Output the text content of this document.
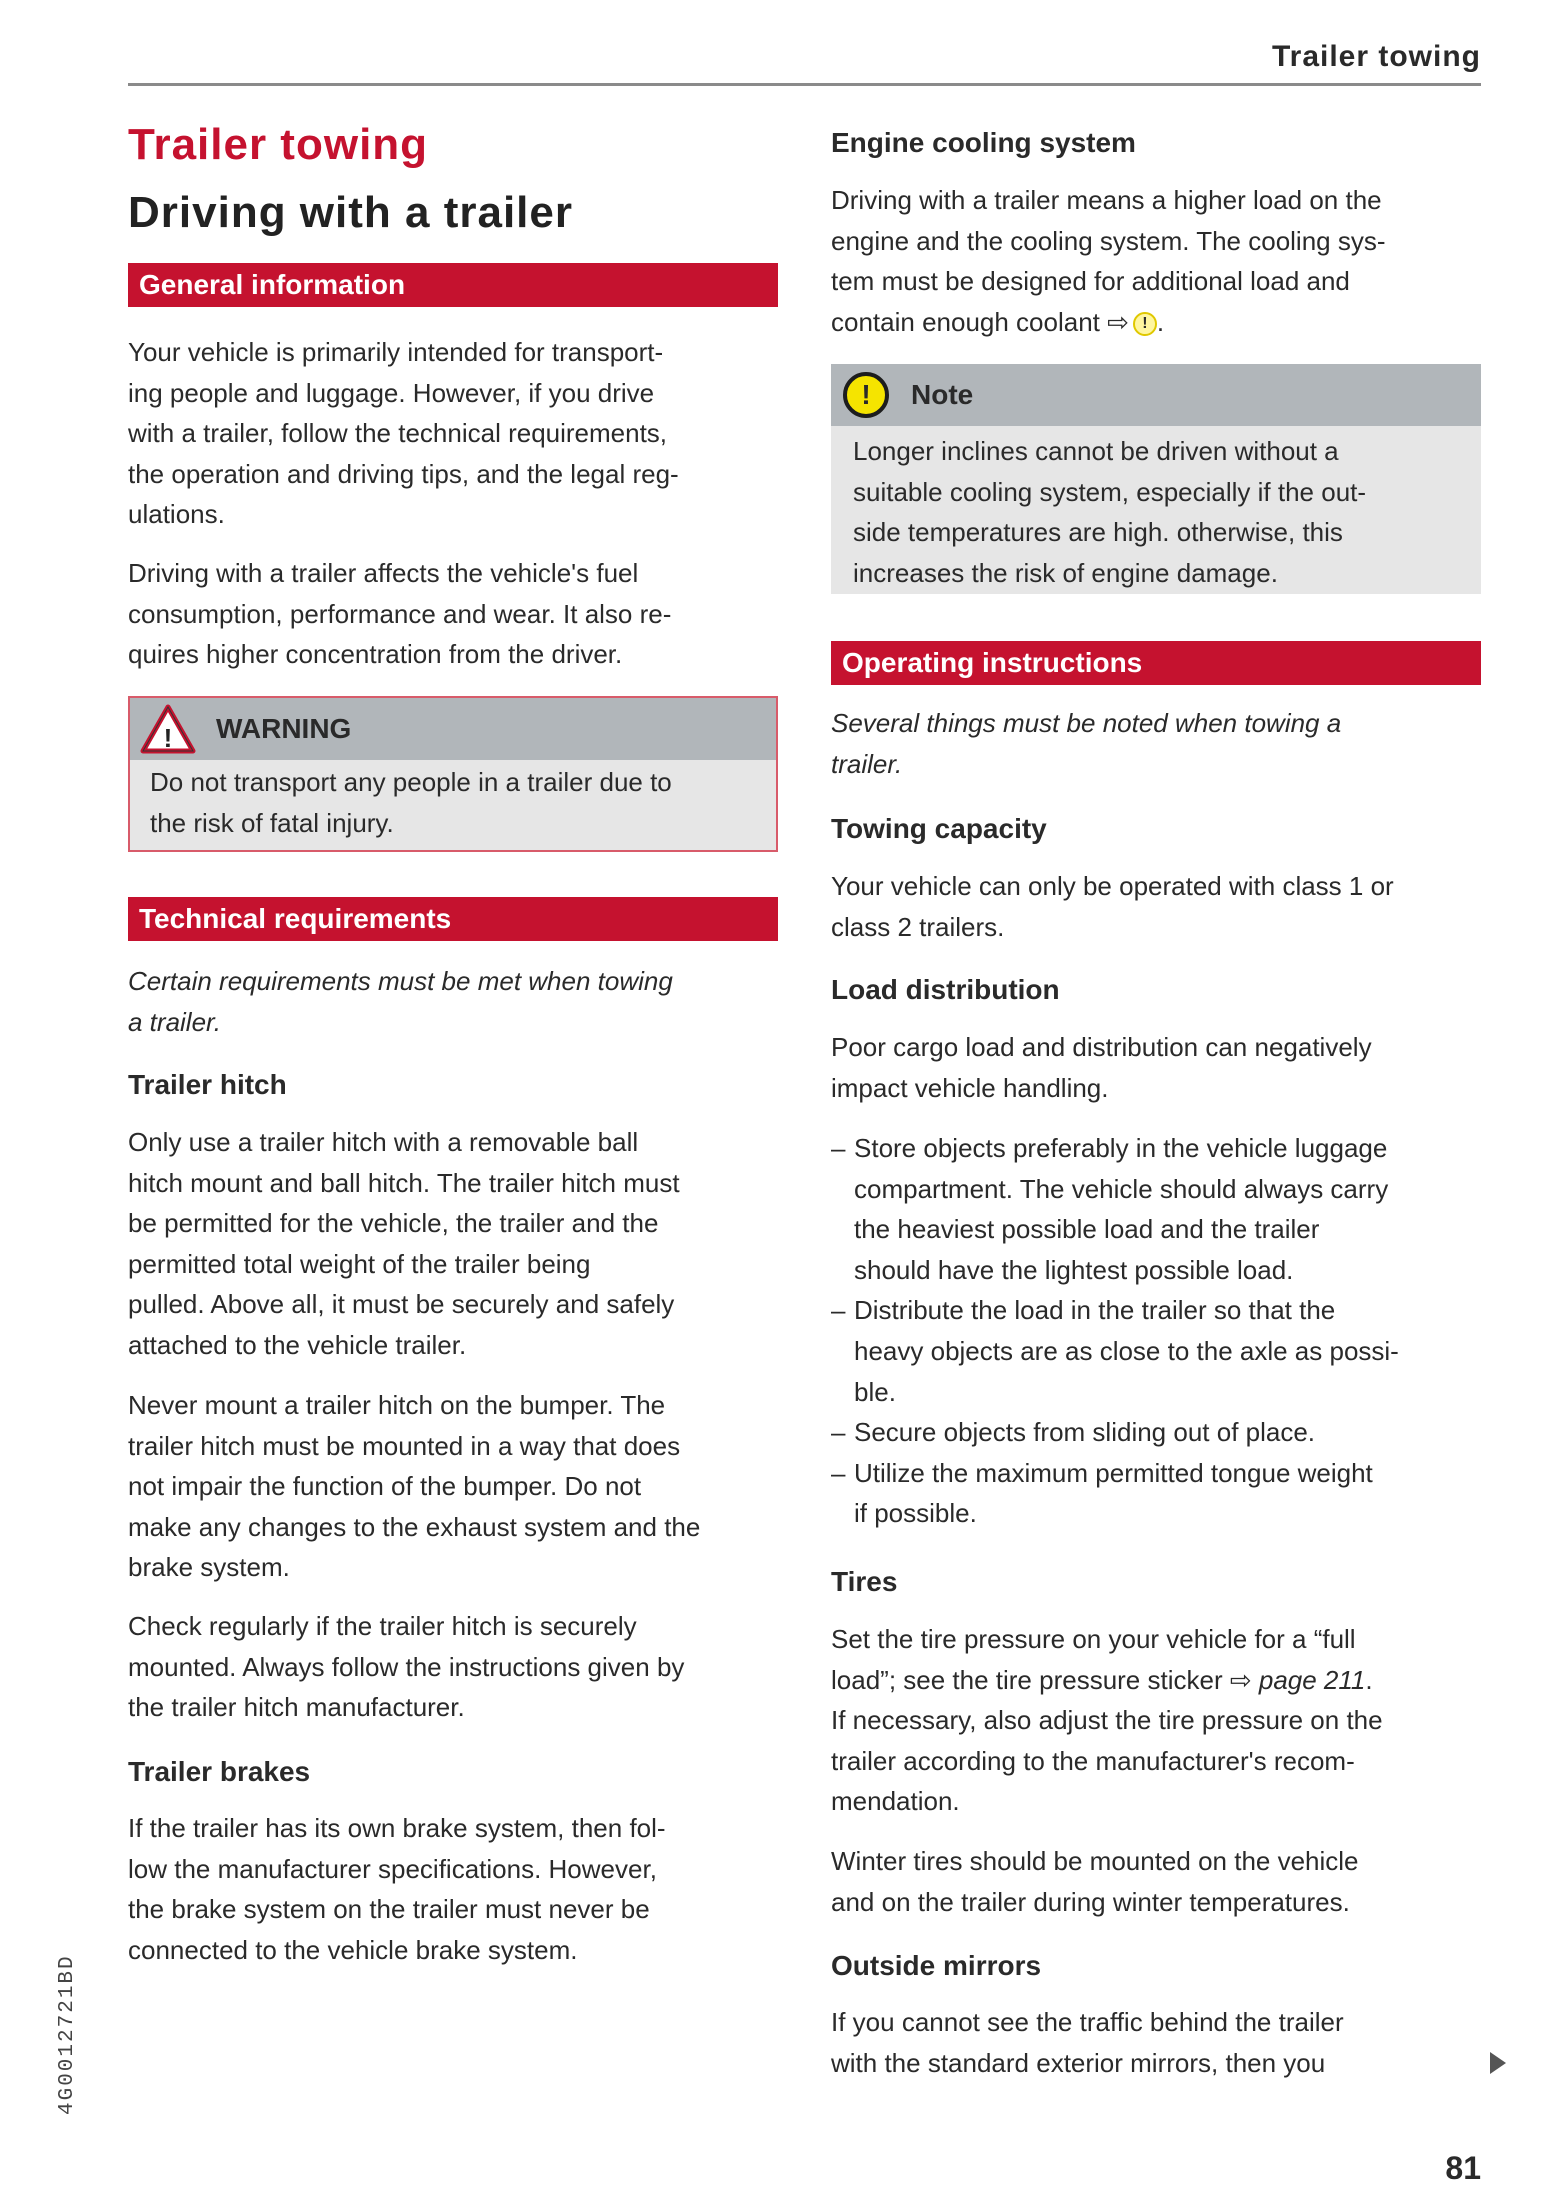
Trailer towing
Trailer towing
Driving with a trailer
General information
Your vehicle is primarily intended for transport-
ing people and luggage. However, if you drive
with a trailer, follow the technical requirements,
the operation and driving tips, and the legal reg-
ulations.
Driving with a trailer affects the vehicle's fuel
consumption, performance and wear. It also re-
quires higher concentration from the driver.
! WARNING
Do not transport any people in a trailer due to
the risk of fatal injury.
Technical requirements
Certain requirements must be met when towing
a trailer.
Trailer hitch
Only use a trailer hitch with a removable ball
hitch mount and ball hitch. The trailer hitch must
be permitted for the vehicle, the trailer and the
permitted total weight of the trailer being
pulled. Above all, it must be securely and safely
attached to the vehicle trailer.
Never mount a trailer hitch on the bumper. The
trailer hitch must be mounted in a way that does
not impair the function of the bumper. Do not
make any changes to the exhaust system and the
brake system.
Check regularly if the trailer hitch is securely
mounted. Always follow the instructions given by
the trailer hitch manufacturer.
Trailer brakes
If the trailer has its own brake system, then fol-
low the manufacturer specifications. However,
the brake system on the trailer must never be
connected to the vehicle brake system.
Engine cooling system
Driving with a trailer means a higher load on the
engine and the cooling system. The cooling sys-
tem must be designed for additional load and
contain enough coolant ⇨ ! .
!	Note
Longer inclines cannot be driven without a
suitable cooling system, especially if the out-
side temperatures are high. otherwise, this
increases the risk of engine damage.
Operating instructions
Several things must be noted when towing a
trailer.
Towing capacity
Your vehicle can only be operated with class 1 or
class 2 trailers.
Load distribution
Poor cargo load and distribution can negatively
impact vehicle handling.
– Store objects preferably in the vehicle luggage
compartment. The vehicle should always carry
the heaviest possible load and the trailer
should have the lightest possible load.
– Distribute the load in the trailer so that the
heavy objects are as close to the axle as possi-
ble.
– Secure objects from sliding out of place.
– Utilize the maximum permitted tongue weight
if possible.
Tires
Set the tire pressure on your vehicle for a “full
load”; see the tire pressure sticker ⇨ page 211.
If necessary, also adjust the tire pressure on the
trailer according to the manufacturer's recom-
mendation.
Winter tires should be mounted on the vehicle
and on the trailer during winter temperatures.
Outside mirrors
If you cannot see the traffic behind the trailer
with the standard exterior mirrors, then you
81
4G0012721BD
